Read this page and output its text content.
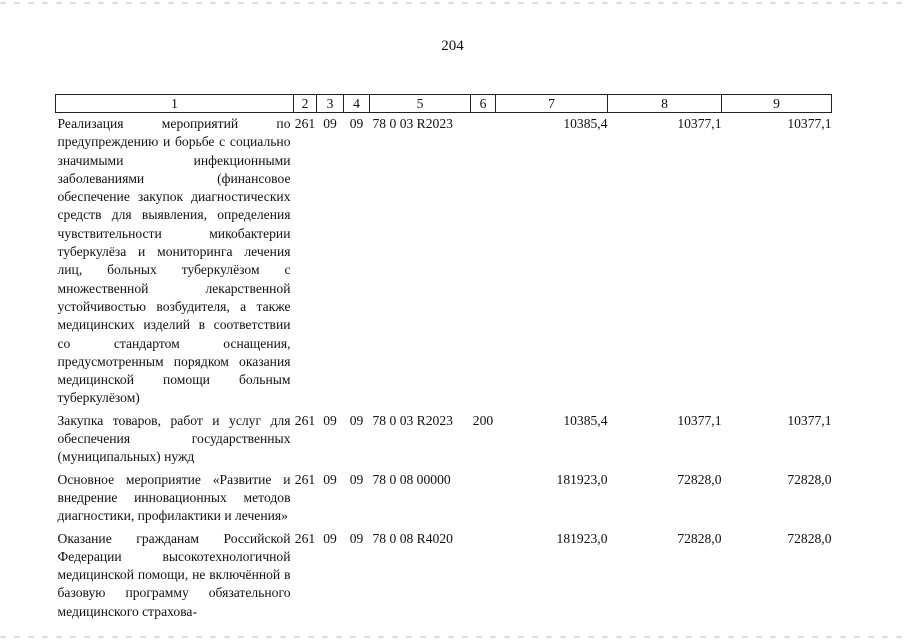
204
1	2	3	4	5	6	7	8	9
Реализация мероприятий по предупреждению и борьбе с социально значимыми инфекционными заболеваниями (финансовое обеспечение закупок диагностических средств для выявления, определения чувствительности микобактерии туберкулёза и мониторинга лечения лиц, больных туберкулёзом с множественной лекарственной устойчивостью возбудителя, а также медицинских изделий в соответствии со стандартом оснащения, предусмотренным порядком оказания медицинской помощи больным туберкулёзом)	261	09	09	78 0 03 R2023		10385,4	10377,1	10377,1
Закупка товаров, работ и услуг для обеспечения государственных (муниципальных) нужд	261	09	09	78 0 03 R2023	200	10385,4	10377,1	10377,1
Основное мероприятие «Развитие и внедрение инновационных методов диагностики, профилактики и лечения»	261	09	09	78 0 08 00000		181923,0	72828,0	72828,0
Оказание гражданам Российской Федерации высокотехнологичной медицинской помощи, не включённой в базовую программу обязательного медицинского страхова-	261	09	09	78 0 08 R4020		181923,0	72828,0	72828,0
